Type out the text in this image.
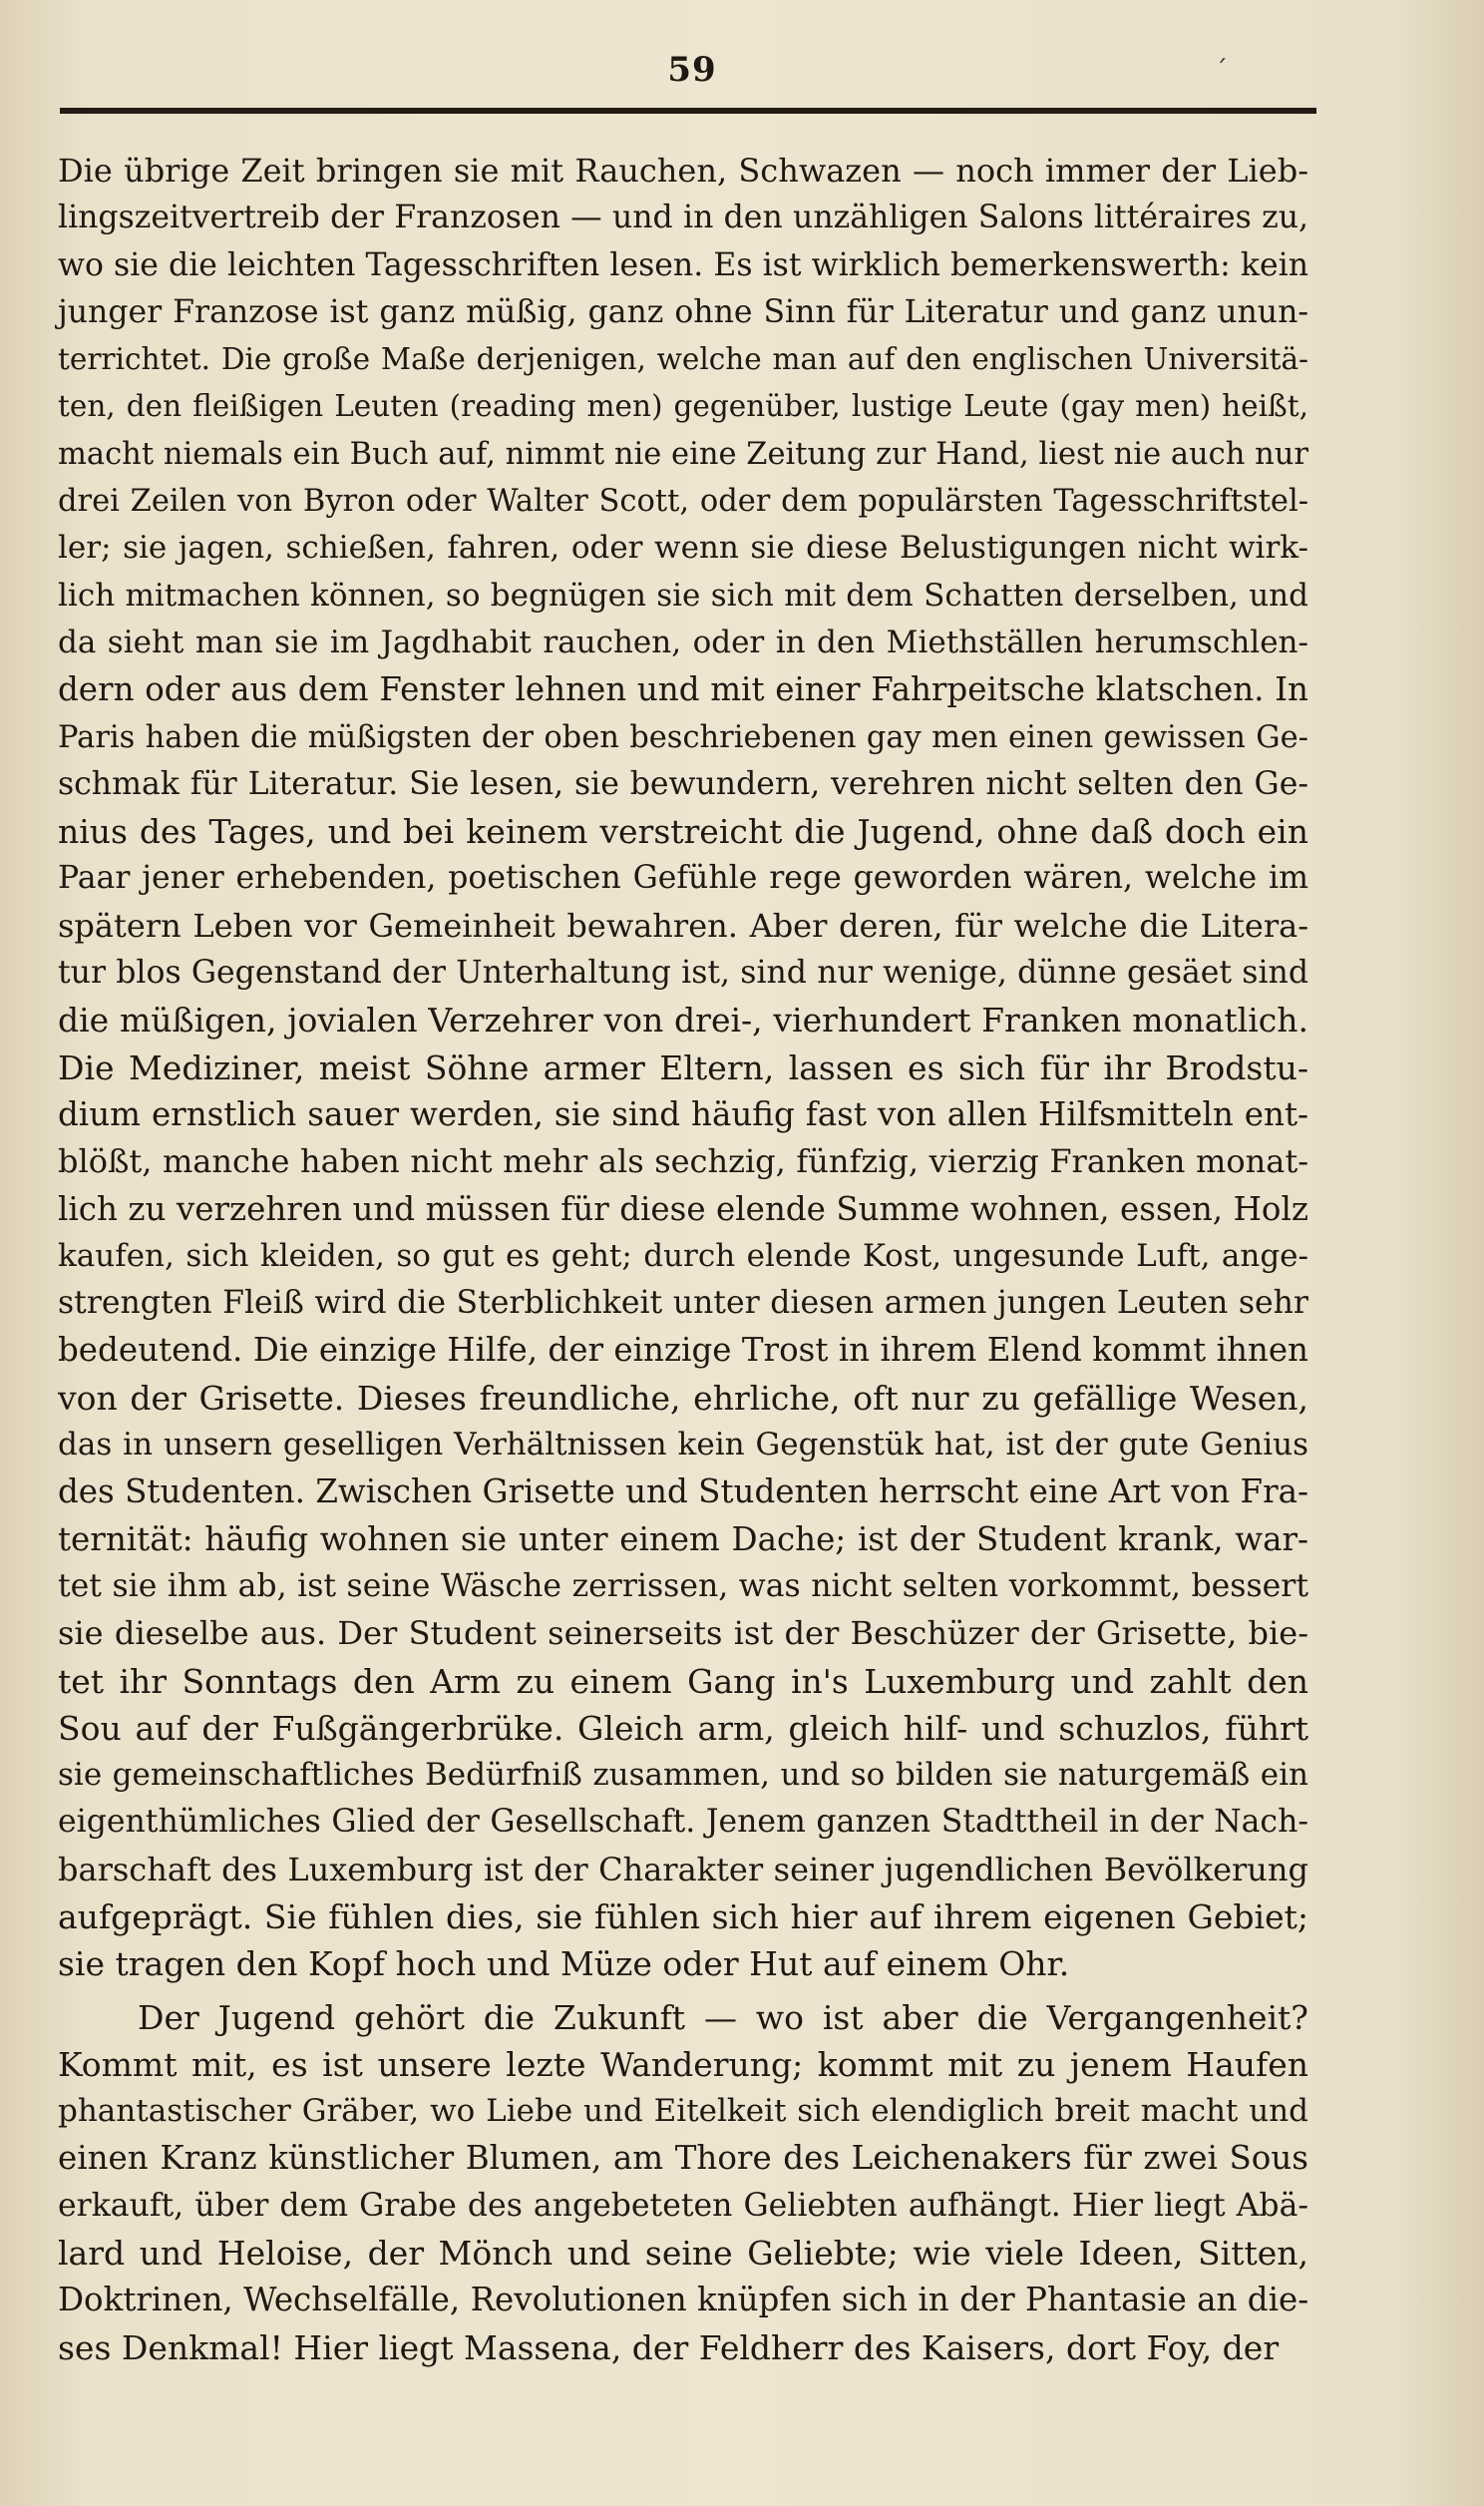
59	´
Die übrige Zeit bringen sie mit Rauchen, Schwazen — noch immer der Lieb-
lingszeitvertreib der Franzosen — und in den unzähligen Salons littéraires zu,
wo sie die leichten Tagesschriften lesen. Es ist wirklich bemerkenswerth: kein
junger Franzose ist ganz müßig, ganz ohne Sinn für Literatur und ganz unun-
terrichtet. Die große Maße derjenigen, welche man auf den englischen Universitä-
ten, den fleißigen Leuten (reading men) gegenüber, lustige Leute (gay men) heißt,
macht niemals ein Buch auf, nimmt nie eine Zeitung zur Hand, liest nie auch nur
drei Zeilen von Byron oder Walter Scott, oder dem populärsten Tagesschriftstel-
ler; sie jagen, schießen, fahren, oder wenn sie diese Belustigungen nicht wirk-
lich mitmachen können, so begnügen sie sich mit dem Schatten derselben, und
da sieht man sie im Jagdhabit rauchen, oder in den Miethställen herumschlen-
dern oder aus dem Fenster lehnen und mit einer Fahrpeitsche klatschen. In
Paris haben die müßigsten der oben beschriebenen gay men einen gewissen Ge-
schmak für Literatur. Sie lesen, sie bewundern, verehren nicht selten den Ge-
nius des Tages, und bei keinem verstreicht die Jugend, ohne daß doch ein
Paar jener erhebenden, poetischen Gefühle rege geworden wären, welche im
spätern Leben vor Gemeinheit bewahren. Aber deren, für welche die Litera-
tur blos Gegenstand der Unterhaltung ist, sind nur wenige, dünne gesäet sind
die müßigen, jovialen Verzehrer von drei-, vierhundert Franken monatlich.
Die Mediziner, meist Söhne armer Eltern, lassen es sich für ihr Brodstu-
dium ernstlich sauer werden, sie sind häufig fast von allen Hilfsmitteln ent-
blößt, manche haben nicht mehr als sechzig, fünfzig, vierzig Franken monat-
lich zu verzehren und müssen für diese elende Summe wohnen, essen, Holz
kaufen, sich kleiden, so gut es geht; durch elende Kost, ungesunde Luft, ange-
strengten Fleiß wird die Sterblichkeit unter diesen armen jungen Leuten sehr
bedeutend. Die einzige Hilfe, der einzige Trost in ihrem Elend kommt ihnen
von der Grisette. Dieses freundliche, ehrliche, oft nur zu gefällige Wesen,
das in unsern geselligen Verhältnissen kein Gegenstük hat, ist der gute Genius
des Studenten. Zwischen Grisette und Studenten herrscht eine Art von Fra-
ternität: häufig wohnen sie unter einem Dache; ist der Student krank, war-
tet sie ihm ab, ist seine Wäsche zerrissen, was nicht selten vorkommt, bessert
sie dieselbe aus. Der Student seinerseits ist der Beschüzer der Grisette, bie-
tet ihr Sonntags den Arm zu einem Gang in's Luxemburg und zahlt den
Sou auf der Fußgängerbrüke. Gleich arm, gleich hilf- und schuzlos, führt
sie gemeinschaftliches Bedürfniß zusammen, und so bilden sie naturgemäß ein
eigenthümliches Glied der Gesellschaft. Jenem ganzen Stadttheil in der Nach-
barschaft des Luxemburg ist der Charakter seiner jugendlichen Bevölkerung
aufgeprägt. Sie fühlen dies, sie fühlen sich hier auf ihrem eigenen Gebiet;
sie tragen den Kopf hoch und Müze oder Hut auf einem Ohr.
Der Jugend gehört die Zukunft — wo ist aber die Vergangenheit?
Kommt mit, es ist unsere lezte Wanderung; kommt mit zu jenem Haufen
phantastischer Gräber, wo Liebe und Eitelkeit sich elendiglich breit macht und
einen Kranz künstlicher Blumen, am Thore des Leichenakers für zwei Sous
erkauft, über dem Grabe des angebeteten Geliebten aufhängt. Hier liegt Abä-
lard und Heloise, der Mönch und seine Geliebte; wie viele Ideen, Sitten,
Doktrinen, Wechselfälle, Revolutionen knüpfen sich in der Phantasie an die-
ses Denkmal! Hier liegt Massena, der Feldherr des Kaisers, dort Foy, der
